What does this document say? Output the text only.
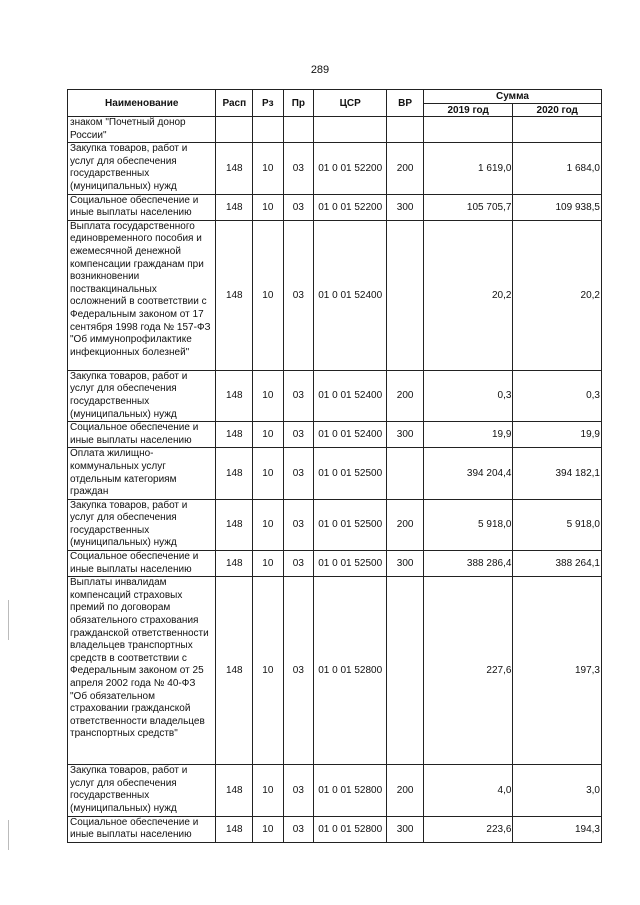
289
Наименование	Расп	Рз	Пр	ЦСР	ВР	Сумма	
						2019 год	2020 год
знаком "Почетный донор России"							
Закупка товаров, работ и услуг для обеспечения государственных (муниципальных) нужд	148	10	03	01 0 01 52200	200	1 619,0	1 684,0
Социальное обеспечение и иные выплаты населению	148	10	03	01 0 01 52200	300	105 705,7	109 938,5
Выплата государственного единовременного пособия и ежемесячной денежной компенсации гражданам при возникновении поствакцинальных осложнений в соответствии с Федеральным законом от 17 сентября 1998 года № 157-ФЗ "Об иммунопрофилактике инфекционных болезней"	148	10	03	01 0 01 52400		20,2	20,2
Закупка товаров, работ и услуг для обеспечения государственных (муниципальных) нужд	148	10	03	01 0 01 52400	200	0,3	0,3
Социальное обеспечение и иные выплаты населению	148	10	03	01 0 01 52400	300	19,9	19,9
Оплата жилищно-коммунальных услуг отдельным категориям граждан	148	10	03	01 0 01 52500		394 204,4	394 182,1
Закупка товаров, работ и услуг для обеспечения государственных (муниципальных) нужд	148	10	03	01 0 01 52500	200	5 918,0	5 918,0
Социальное обеспечение и иные выплаты населению	148	10	03	01 0 01 52500	300	388 286,4	388 264,1
Выплаты инвалидам компенсаций страховых премий по договорам обязательного страхования гражданской ответственности владельцев транспортных средств в соответствии с Федеральным законом от 25 апреля 2002 года № 40-ФЗ "Об обязательном страховании гражданской ответственности владельцев транспортных средств"	148	10	03	01 0 01 52800		227,6	197,3
Закупка товаров, работ и услуг для обеспечения государственных (муниципальных) нужд	148	10	03	01 0 01 52800	200	4,0	3,0
Социальное обеспечение и иные выплаты населению	148	10	03	01 0 01 52800	300	223,6	194,3
